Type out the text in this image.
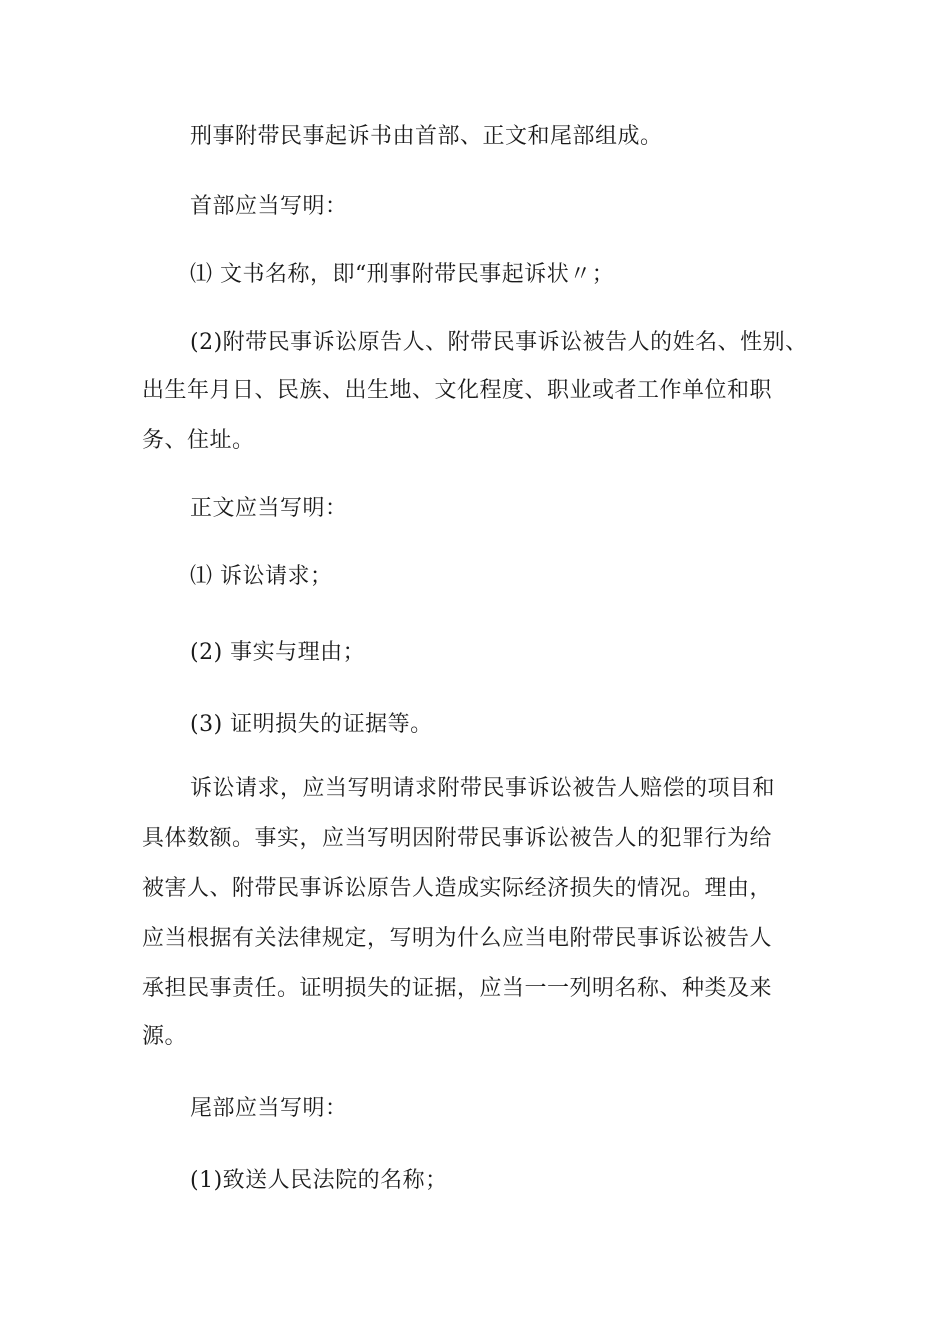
刑事附带民事起诉书由首部、正文和尾部组成。
首部应当写明：
⑴ 文书名称，即“刑事附带民事起诉状〃；
(2)附带民事诉讼原告人、附带民事诉讼被告人的姓名、性别、
出生年月日、民族、出生地、文化程度、职业或者工作单位和职
务、住址。
正文应当写明：
⑴ 诉讼请求；
(2) 事实与理由；
(3) 证明损失的证据等。
诉讼请求，应当写明请求附带民事诉讼被告人赔偿的项目和
具体数额。事实，应当写明因附带民事诉讼被告人的犯罪行为给
被害人、附带民事诉讼原告人造成实际经济损失的情况。理由，
应当根据有关法律规定，写明为什么应当电附带民事诉讼被告人
承担民事责任。证明损失的证据，应当一一列明名称、种类及来
源。
尾部应当写明：
(1)致送人民法院的名称；
